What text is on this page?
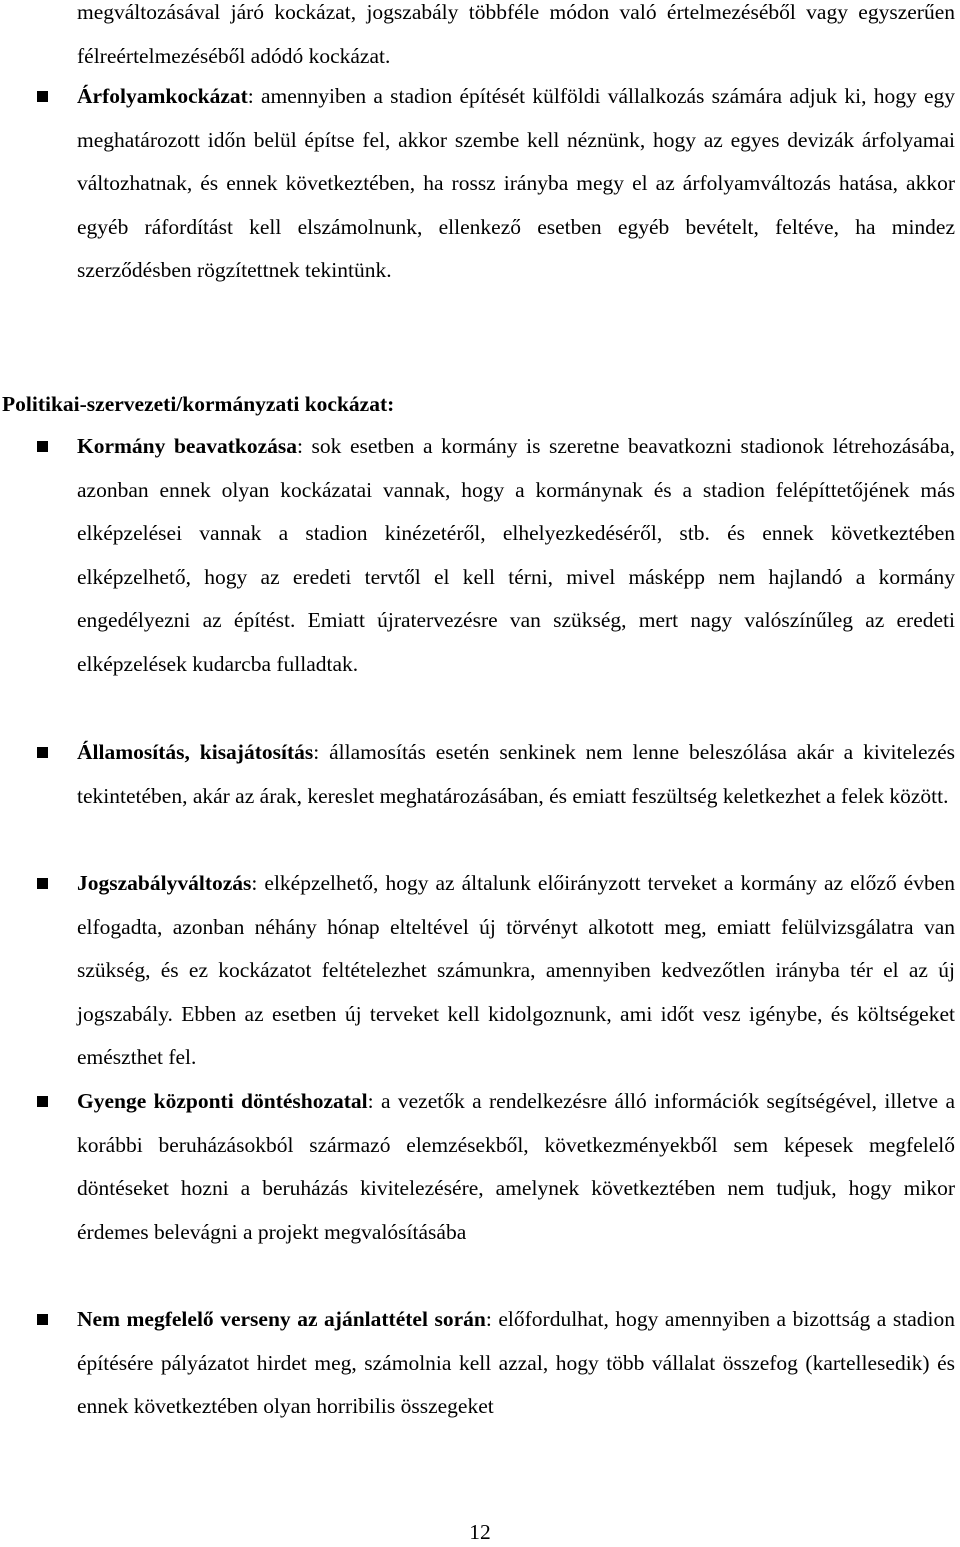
megváltozásával járó kockázat, jogszabály többféle módon való értelmezéséből vagy egyszerűen félreértelmezéséből adódó kockázat.

Árfolyamkockázat: amennyiben a stadion építését külföldi vállalkozás számára adjuk ki, hogy egy meghatározott időn belül építse fel, akkor szembe kell néznünk, hogy az egyes devizák árfolyamai változhatnak, és ennek következtében, ha rossz irányba megy el az árfolyamváltozás hatása, akkor egyéb ráfordítást kell elszámolnunk, ellenkező esetben egyéb bevételt, feltéve, ha mindez szerződésben rögzítettnek tekintünk.

Politikai-szervezeti/kormányzati kockázat:

Kormány beavatkozása: sok esetben a kormány is szeretne beavatkozni stadionok létrehozásába, azonban ennek olyan kockázatai vannak, hogy a kormánynak és a stadion felépíttetőjének más elképzelései vannak a stadion kinézetéről, elhelyezkedéséről, stb. és ennek következtében elképzelhető, hogy az eredeti tervtől el kell térni, mivel másképp nem hajlandó a kormány engedélyezni az építést. Emiatt újratervezésre van szükség, mert nagy valószínűleg az eredeti elképzelések kudarcba fulladtak.

Államosítás, kisajátosítás: államosítás esetén senkinek nem lenne beleszólása akár a kivitelezés tekintetében, akár az árak, kereslet meghatározásában, és emiatt feszültség keletkezhet a felek között.

Jogszabályváltozás: elképzelhető, hogy az általunk előirányzott terveket a kormány az előző évben elfogadta, azonban néhány hónap elteltével új törvényt alkotott meg, emiatt felülvizsgálatra van szükség, és ez kockázatot feltételezhet számunkra, amennyiben kedvezőtlen irányba tér el az új jogszabály. Ebben az esetben új terveket kell kidolgoznunk, ami időt vesz igénybe, és költségeket emészthet fel.

Gyenge központi döntéshozatal: a vezetők a rendelkezésre álló információk segítségével, illetve a korábbi beruházásokból származó elemzésekből, következményekből sem képesek megfelelő döntéseket hozni a beruházás kivitelezésére, amelynek következtében nem tudjuk, hogy mikor érdemes belevágni a projekt megvalósításába

Nem megfelelő verseny az ajánlattétel során: előfordulhat, hogy amennyiben a bizottság a stadion építésére pályázatot hirdet meg, számolnia kell azzal, hogy több vállalat összefog (kartellesedik) és ennek következtében olyan horribilis összegeket

12
